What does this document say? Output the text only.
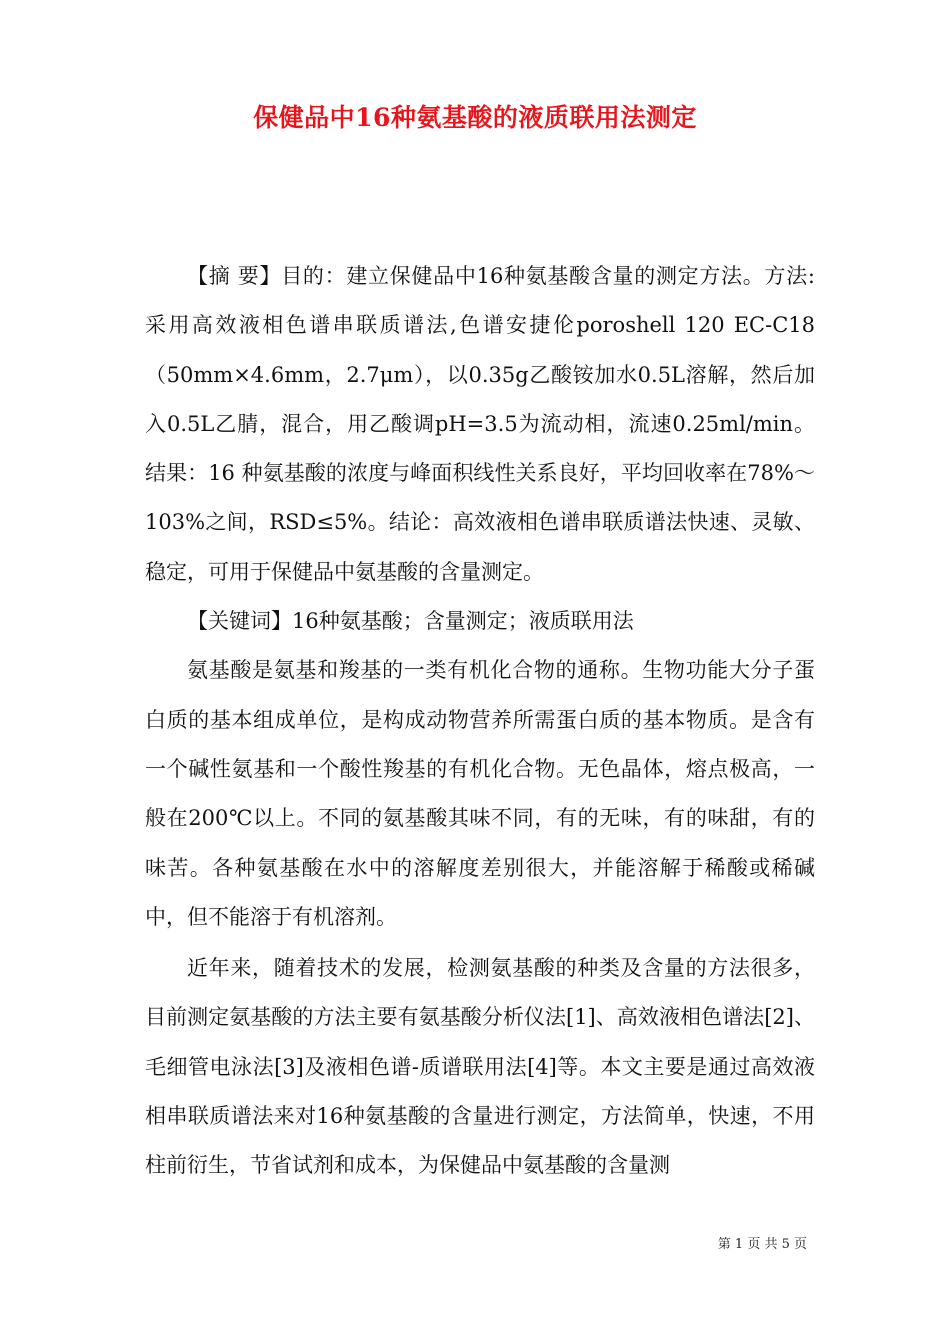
保健品中16种氨基酸的液质联用法测定

【摘 要】目的：建立保健品中16种氨基酸含量的测定方法。方法:采用高效液相色谱串联质谱法,色谱安捷伦poroshell 120 EC-C18（50mm×4.6mm，2.7μm），以0.35g乙酸铵加水0.5L溶解，然后加入0.5L乙腈，混合，用乙酸调pH=3.5为流动相，流速0.25ml/min。结果：16 种氨基酸的浓度与峰面积线性关系良好，平均回收率在78%～103%之间，RSD≤5%。结论：高效液相色谱串联质谱法快速、灵敏、稳定，可用于保健品中氨基酸的含量测定。

【关键词】16种氨基酸；含量测定；液质联用法

氨基酸是氨基和羧基的一类有机化合物的通称。生物功能大分子蛋白质的基本组成单位，是构成动物营养所需蛋白质的基本物质。是含有一个碱性氨基和一个酸性羧基的有机化合物。无色晶体，熔点极高，一般在200℃以上。不同的氨基酸其味不同，有的无味，有的味甜，有的味苦。各种氨基酸在水中的溶解度差别很大，并能溶解于稀酸或稀碱中，但不能溶于有机溶剂。

近年来，随着技术的发展，检测氨基酸的种类及含量的方法很多，目前测定氨基酸的方法主要有氨基酸分析仪法[1]、高效液相色谱法[2]、毛细管电泳法[3]及液相色谱-质谱联用法[4]等。本文主要是通过高效液相串联质谱法来对16种氨基酸的含量进行测定，方法简单，快速，不用柱前衍生，节省试剂和成本，为保健品中氨基酸的含量测

第 1 页 共 5 页
